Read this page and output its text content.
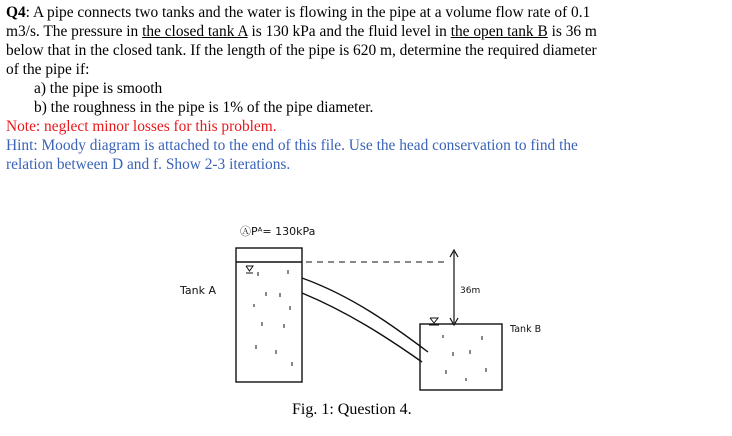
Q4: A pipe connects two tanks and the water is flowing in the pipe at a volume flow rate of 0.1
m3/s. The pressure in the closed tank A is 130 kPa and the fluid level in the open tank B is 36 m
below that in the closed tank. If the length of the pipe is 620 m, determine the required diameter
of the pipe if:
a) the pipe is smooth
b) the roughness in the pipe is 1% of the pipe diameter.
Note: neglect minor losses for this problem.
Hint: Moody diagram is attached to the end of this file. Use the head conservation to find the
relation between D and f. Show 2-3 iterations.
ⒶPᴬ= 130kPa
Tank A	36m
Tank B
Fig. 1: Question 4.
